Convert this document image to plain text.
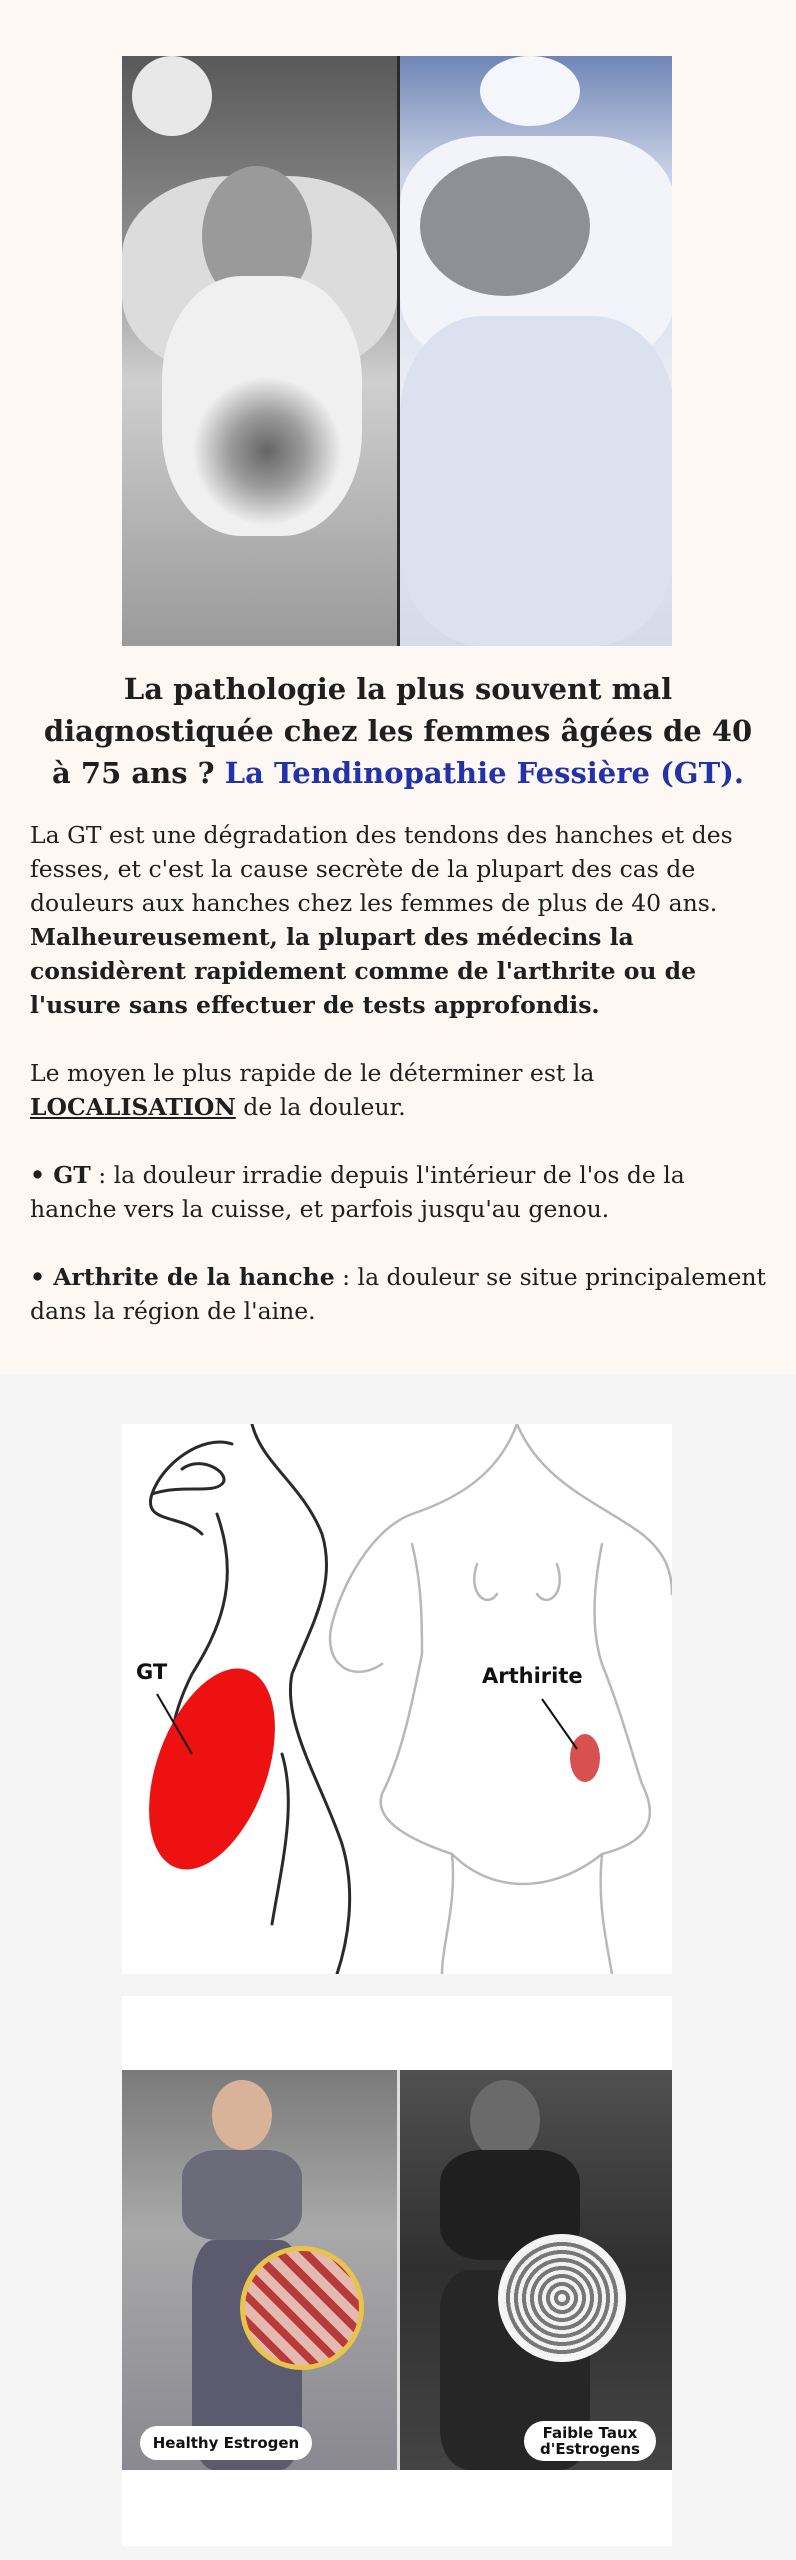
La pathologie la plus souvent mal diagnostiquée chez les femmes âgées de 40 à 75 ans ? La Tendinopathie Fessière (GT).

La GT est une dégradation des tendons des hanches et des fesses, et c'est la cause secrète de la plupart des cas de douleurs aux hanches chez les femmes de plus de 40 ans. Malheureusement, la plupart des médecins la considèrent rapidement comme de l'arthrite ou de l'usure sans effectuer de tests approfondis.

Le moyen le plus rapide de le déterminer est la LOCALISATION de la douleur.

• GT : la douleur irradie depuis l'intérieur de l'os de la hanche vers la cuisse, et parfois jusqu'au genou.

• Arthrite de la hanche : la douleur se situe principalement dans la région de l'aine.

GT	Arthirite
Healthy Estrogen
Faible Taux d'Estrogens
